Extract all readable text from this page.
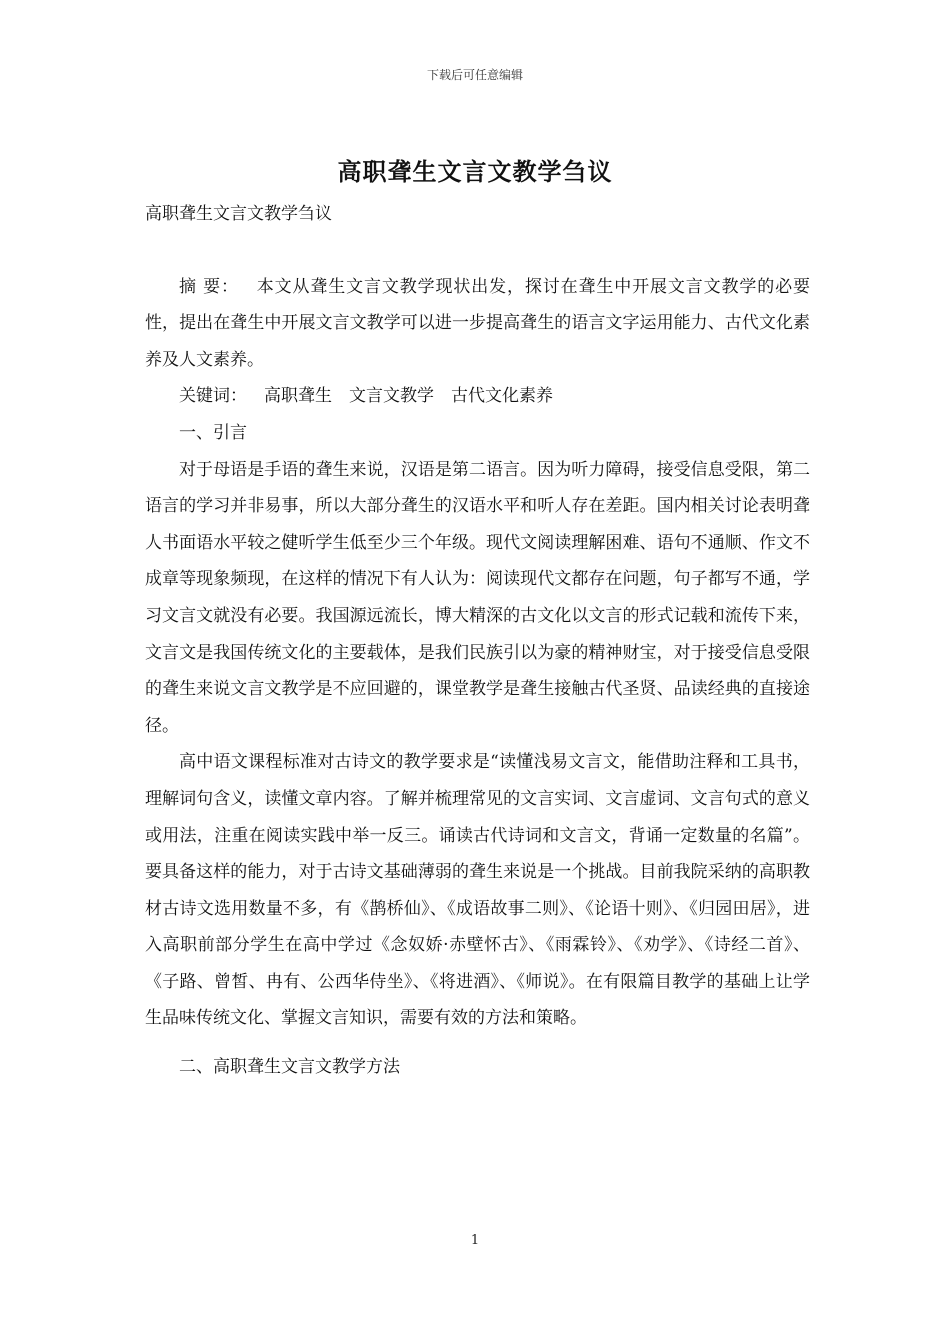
下载后可任意编辑
高职聋生文言文教学刍议

高职聋生文言文教学刍议

摘 要： 本文从聋生文言文教学现状出发，探讨在聋生中开展文言文教学的必要性，提出在聋生中开展文言文教学可以进一步提高聋生的语言文字运用能力、古代文化素养及人文素养。

关键词： 高职聋生 文言文教学 古代文化素养

一、引言

对于母语是手语的聋生来说，汉语是第二语言。因为听力障碍，接受信息受限，第二语言的学习并非易事，所以大部分聋生的汉语水平和听人存在差距。国内相关讨论表明聋人书面语水平较之健听学生低至少三个年级。现代文阅读理解困难、语句不通顺、作文不成章等现象频现，在这样的情况下有人认为：阅读现代文都存在问题，句子都写不通，学习文言文就没有必要。我国源远流长，博大精深的古文化以文言的形式记载和流传下来，文言文是我国传统文化的主要载体，是我们民族引以为豪的精神财宝，对于接受信息受限的聋生来说文言文教学是不应回避的，课堂教学是聋生接触古代圣贤、品读经典的直接途径。

高中语文课程标准对古诗文的教学要求是“读懂浅易文言文，能借助注释和工具书，理解词句含义，读懂文章内容。了解并梳理常见的文言实词、文言虚词、文言句式的意义或用法，注重在阅读实践中举一反三。诵读古代诗词和文言文，背诵一定数量的名篇”。要具备这样的能力，对于古诗文基础薄弱的聋生来说是一个挑战。目前我院采纳的高职教材古诗文选用数量不多，有《鹊桥仙》、《成语故事二则》、《论语十则》、《归园田居》，进入高职前部分学生在高中学过《念奴娇·赤壁怀古》、《雨霖铃》、《劝学》、《诗经二首》、《子路、曾皙、冉有、公西华侍坐》、《将进酒》、《师说》。在有限篇目教学的基础上让学生品味传统文化、掌握文言知识，需要有效的方法和策略。

二、高职聋生文言文教学方法

1
